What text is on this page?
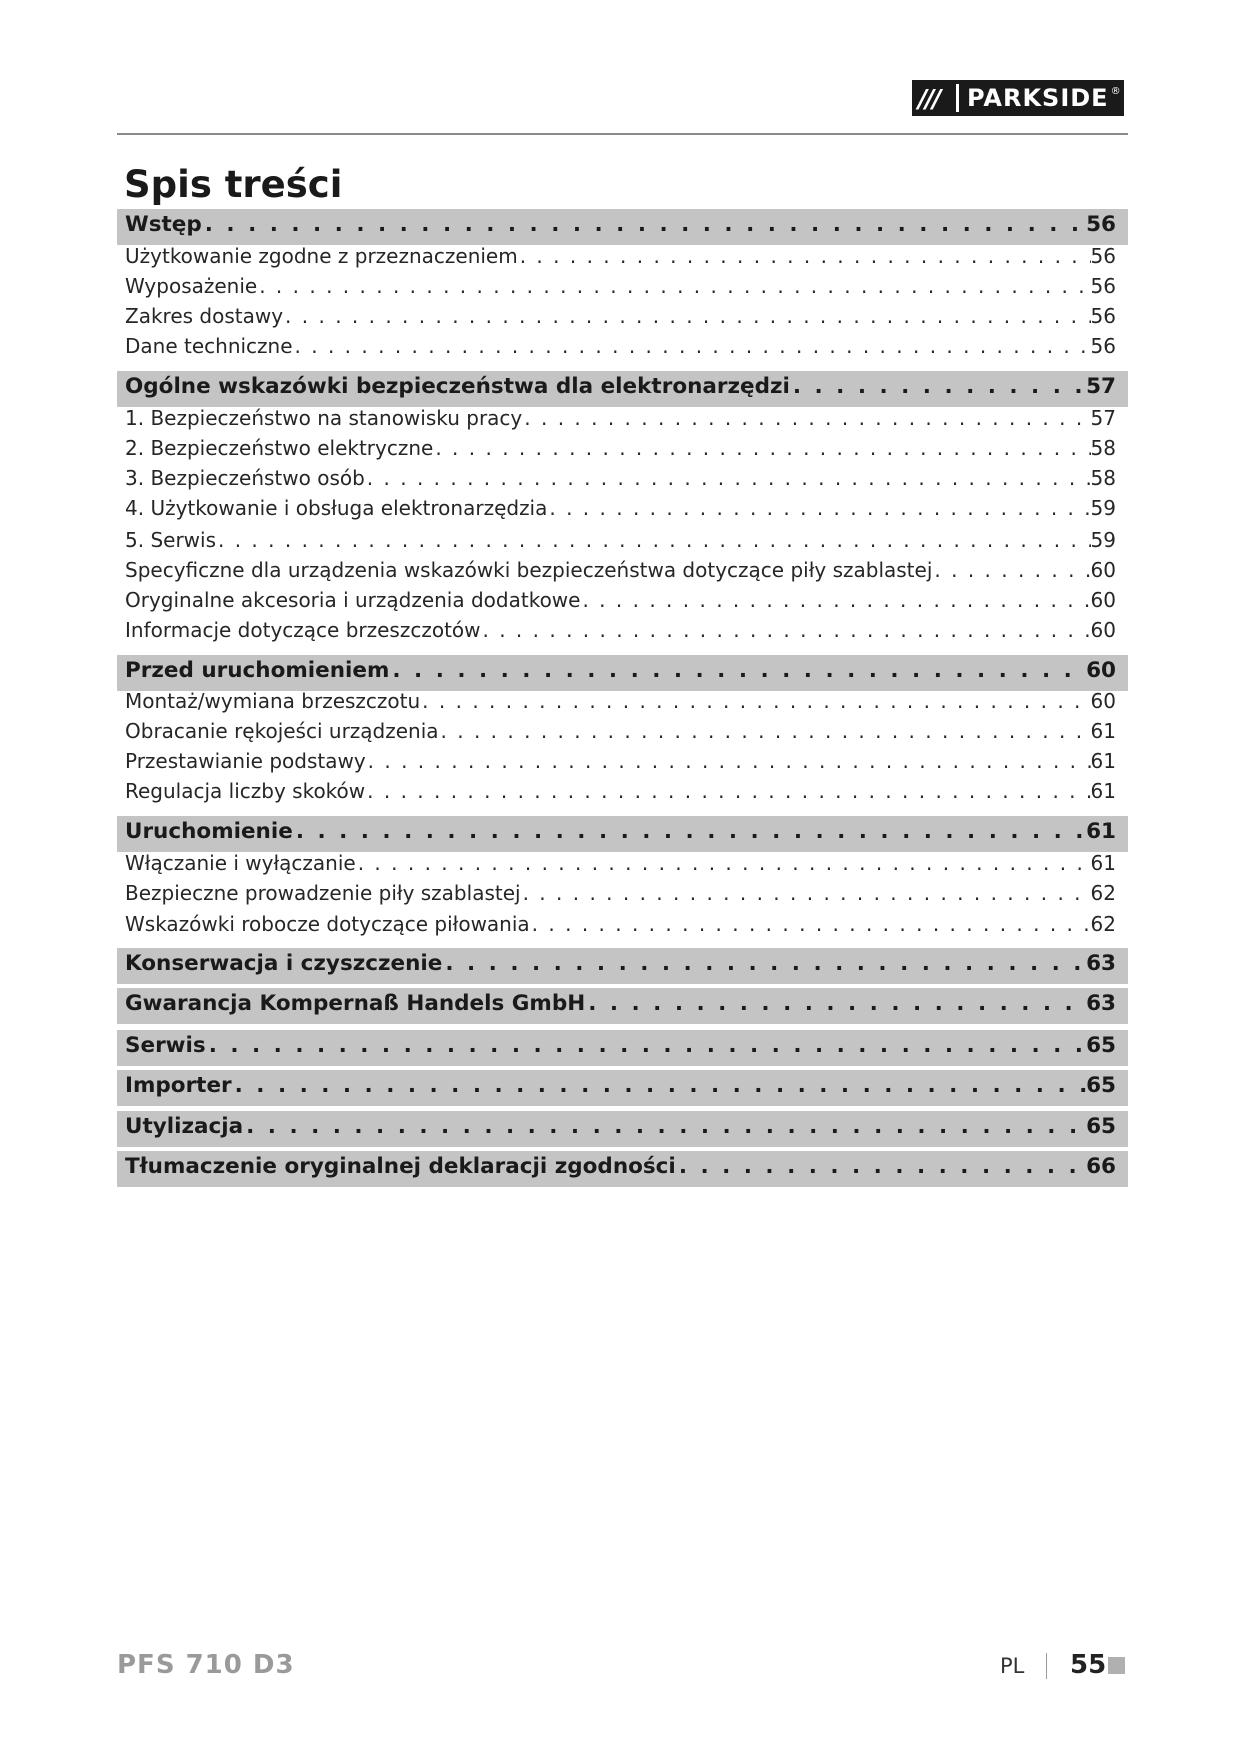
///	PARKSIDE ®
Spis treści
Wstęp . . .	56
Użytkowanie zgodne z przeznaczeniem . . .	56
Wyposażenie . . .	56
Zakres dostawy . . .	56
Dane techniczne . . .	56
Ogólne wskazówki bezpieczeństwa dla elektronarzędzi . . .	57
1. Bezpieczeństwo na stanowisku pracy . . .	57
2. Bezpieczeństwo elektryczne . . .	58
3. Bezpieczeństwo osób . . .	58
4. Użytkowanie i obsługa elektronarzędzia . . .	59
5. Serwis . . .	59
Specyficzne dla urządzenia wskazówki bezpieczeństwa dotyczące piły szablastej . . .	60
Oryginalne akcesoria i urządzenia dodatkowe . . .	60
Informacje dotyczące brzeszczotów . . .	60
Przed uruchomieniem . . .	60
Montaż/wymiana brzeszczotu . . .	60
Obracanie rękojeści urządzenia . . .	61
Przestawianie podstawy . . .	61
Regulacja liczby skoków . . .	61
Uruchomienie . . .	61
Włączanie i wyłączanie . . .	61
Bezpieczne prowadzenie piły szablastej . . .	62
Wskazówki robocze dotyczące piłowania . . .	62
Konserwacja i czyszczenie . . .	63
Gwarancja Kompernaß Handels GmbH . . .	63
Serwis . . .	65
Importer . . .	65
Utylizacja . . .	65
Tłumaczenie oryginalnej deklaracji zgodności . . .	66
PFS 710 D3	PL 55
